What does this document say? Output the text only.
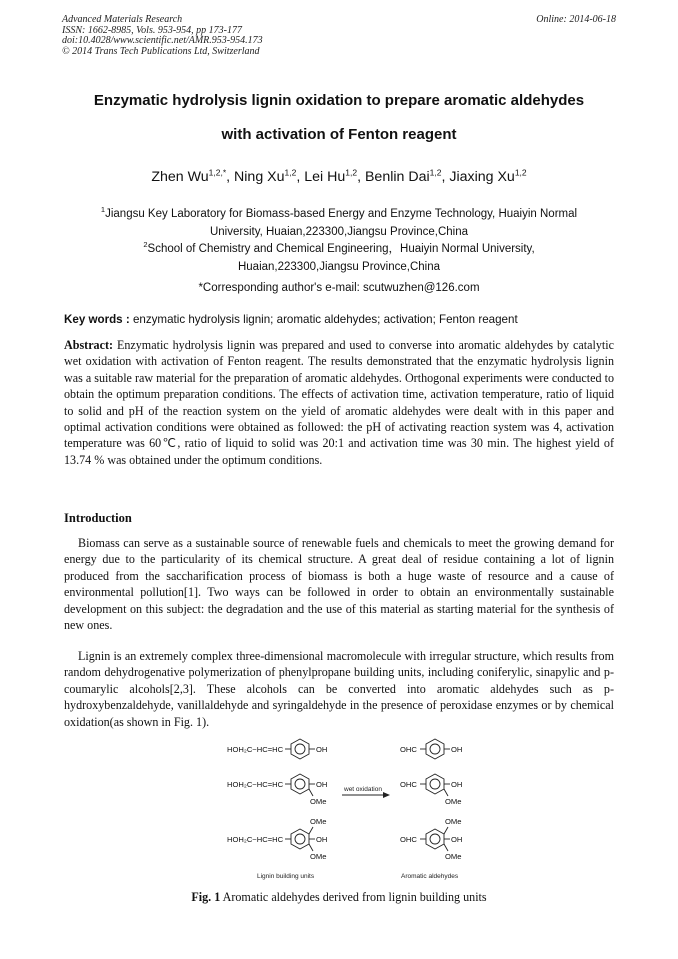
Advanced Materials Research
ISSN: 1662-8985, Vols. 953-954, pp 173-177
doi:10.4028/www.scientific.net/AMR.953-954.173
© 2014 Trans Tech Publications Ltd, Switzerland
Online: 2014-06-18
Enzymatic hydrolysis lignin oxidation to prepare aromatic aldehydes
with activation of Fenton reagent
Zhen $Wu^{1,2,*}$, Ning Xu$^{1,2}$, Lei Hu$^{1,2}$, Benlin Dai$^{1,2}$, Jiaxing Xu$^{1,2}$
$^1$Jiangsu Key Laboratory for Biomass-based Energy and Enzyme Technology, Huaiyin Normal
University, Huaian,223300,Jiangsu Province,China
$^2$School of Chemistry and Chemical Engineering，Huaiyin Normal University,
Huaian,223300,Jiangsu Province,China
*Corresponding author's e-mail: scutwuzhen@126.com
Key words : enzymatic hydrolysis lignin; aromatic aldehydes; activation; Fenton reagent
Abstract: Enzymatic hydrolysis lignin was prepared and used to converse into aromatic aldehydes by catalytic wet oxidation with activation of Fenton reagent. The results demonstrated that the enzymatic hydrolysis lignin was a suitable raw material for the preparation of aromatic aldehydes. Orthogonal experiments were conducted to obtain the optimum preparation conditions. The effects of activation time, activation temperature, ratio of liquid to solid and pH of the reaction system on the yield of aromatic aldehydes were dealt with in this paper and optimal activation conditions were obtained as followed: the pH of activating reaction system was 4, activation temperature was 60℃, ratio of liquid to solid was 20:1 and activation time was 30 min. The highest yield of 13.74 % was obtained under the optimum conditions.
Introduction
Biomass can serve as a sustainable source of renewable fuels and chemicals to meet the growing demand for energy due to the particularity of its chemical structure. A great deal of residue containing a lot of lignin produced from the saccharification process of biomass is both a huge waste of resource and a cause of environmental pollution[1]. Two ways can be followed in order to obtain an environmentally sustainable development on this subject: the degradation and the use of this material as starting material for the synthesis of new ones.
Lignin is an extremely complex three-dimensional macromolecule with irregular structure, which results from random dehydrogenative polymerization of phenylpropane building units, including coniferylic, sinapylic and p-coumarylic alcohols[2,3]. These alcohols can be converted into aromatic aldehydes such as p-hydroxybenzaldehyde, vanillaldehyde and syringaldehyde in the presence of peroxidase enzymes or by chemical oxidation(as shown in Fig. 1).
HOH₂C−HC=HC	OH
HOH₂C−HC=HC	OH
OMe
OMe
HOH₂C−HC=HC	OH
OMe
OHC	OH
OHC	OH
OMe
OMe
OHC	OH
OMe
wet oxidation
Lignin building units	Aromatic aldehydes
Fig. 1 Aromatic aldehydes derived from lignin building units
